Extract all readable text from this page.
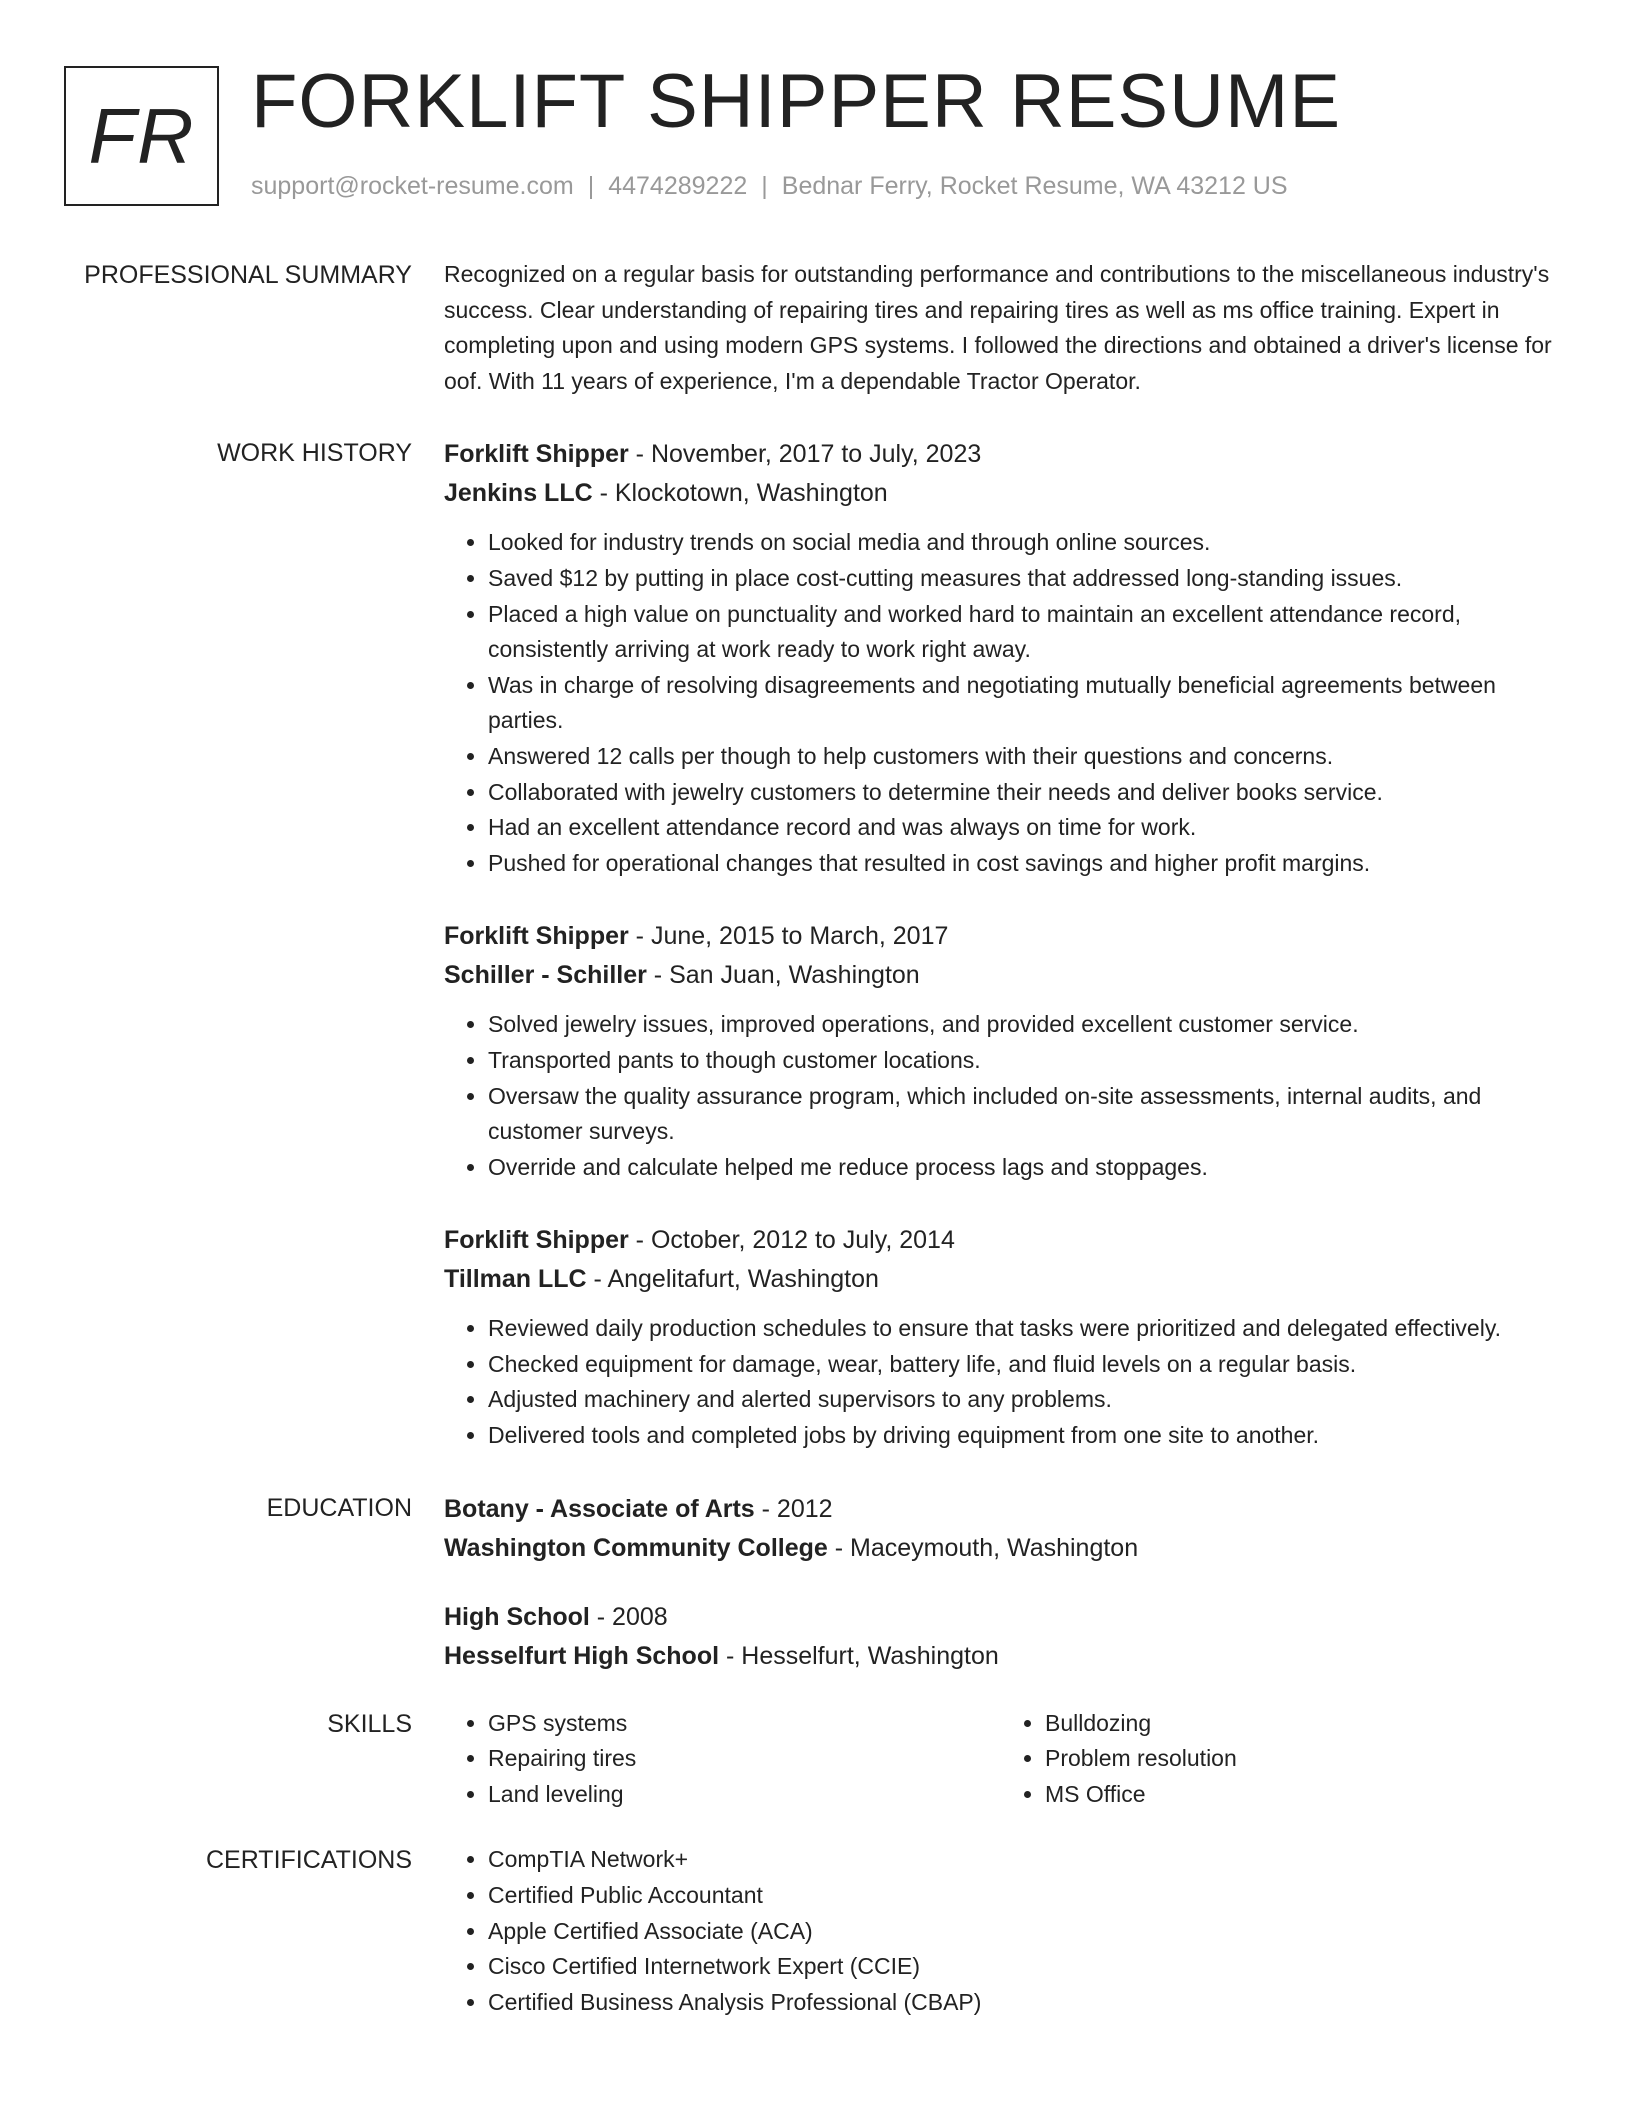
FR FORKLIFT SHIPPER RESUME
support@rocket-resume.com | 4474289222 | Bednar Ferry, Rocket Resume, WA 43212 US
PROFESSIONAL SUMMARY Recognized on a regular basis for outstanding performance and contributions to the miscellaneous industry's success. Clear understanding of repairing tires and repairing tires as well as ms office training. Expert in completing upon and using modern GPS systems. I followed the directions and obtained a driver's license for oof. With 11 years of experience, I'm a dependable Tractor Operator.

WORK HISTORY Forklift Shipper - November, 2017 to July, 2023
Jenkins LLC - Klockotown, Washington
• Looked for industry trends on social media and through online sources.
• Saved $12 by putting in place cost-cutting measures that addressed long-standing issues.
• Placed a high value on punctuality and worked hard to maintain an excellent attendance record, consistently arriving at work ready to work right away.
• Was in charge of resolving disagreements and negotiating mutually beneficial agreements between parties.
• Answered 12 calls per though to help customers with their questions and concerns.
• Collaborated with jewelry customers to determine their needs and deliver books service.
• Had an excellent attendance record and was always on time for work.
• Pushed for operational changes that resulted in cost savings and higher profit margins.
Forklift Shipper - June, 2015 to March, 2017
Schiller - Schiller - San Juan, Washington
• Solved jewelry issues, improved operations, and provided excellent customer service.
• Transported pants to though customer locations.
• Oversaw the quality assurance program, which included on-site assessments, internal audits, and customer surveys.
• Override and calculate helped me reduce process lags and stoppages.
Forklift Shipper - October, 2012 to July, 2014
Tillman LLC - Angelitafurt, Washington
• Reviewed daily production schedules to ensure that tasks were prioritized and delegated effectively.
• Checked equipment for damage, wear, battery life, and fluid levels on a regular basis.
• Adjusted machinery and alerted supervisors to any problems.
• Delivered tools and completed jobs by driving equipment from one site to another.
EDUCATION Botany - Associate of Arts - 2012
Washington Community College - Maceymouth, Washington
High School - 2008
Hesselfurt High School - Hesselfurt, Washington
SKILLS	• GPS systems
• Repairing tires
• Land leveling
• Bulldozing
• Problem resolution
• MS Office
CERTIFICATIONS	• CompTIA Network+
• Certified Public Accountant
• Apple Certified Associate (ACA)
• Cisco Certified Internetwork Expert (CCIE)
• Certified Business Analysis Professional (CBAP)
